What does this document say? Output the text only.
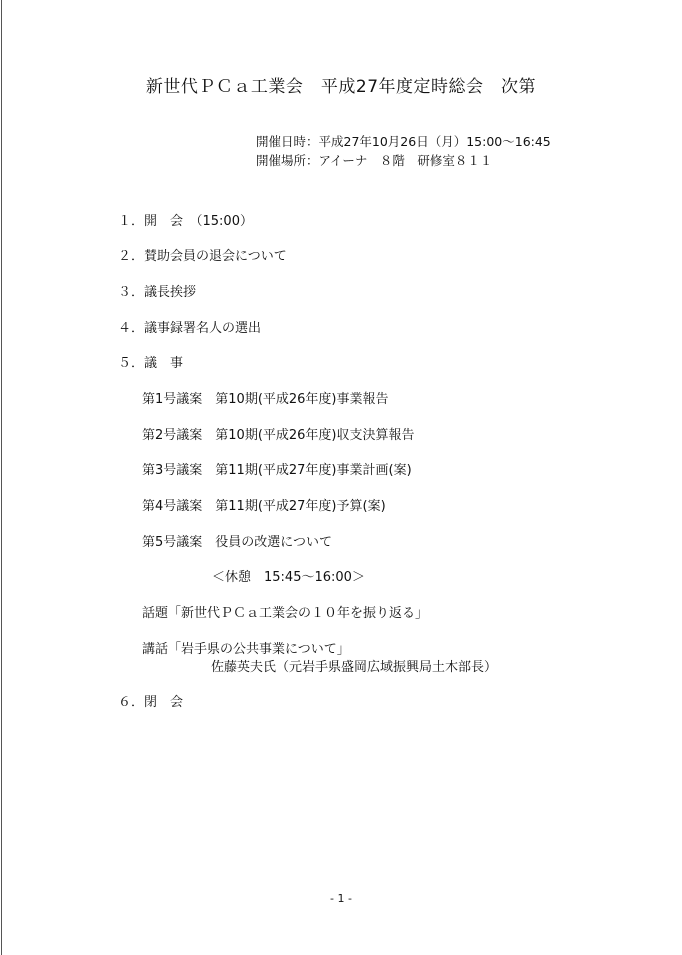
新世代ＰＣａ工業会　平成27年度定時総会　次第
開催日時：平成27年10月26日（月）15:00～16:45
開催場所：アイーナ　８階　研修室８１１
１．開　会　（15:00）
２．賛助会員の退会について
３．議長挨拶
４．議事録署名人の選出
５．議　事
第1号議案　第10期(平成26年度)事業報告
第2号議案　第10期(平成26年度)収支決算報告
第3号議案　第11期(平成27年度)事業計画(案)
第4号議案　第11期(平成27年度)予算(案)
第5号議案　役員の改選について
＜休憩　15:45～16:00＞
話題「新世代ＰＣａ工業会の１０年を振り返る」
講話「岩手県の公共事業について」
佐藤英夫氏（元岩手県盛岡広域振興局土木部長）
６．閉　会
- 1 -
